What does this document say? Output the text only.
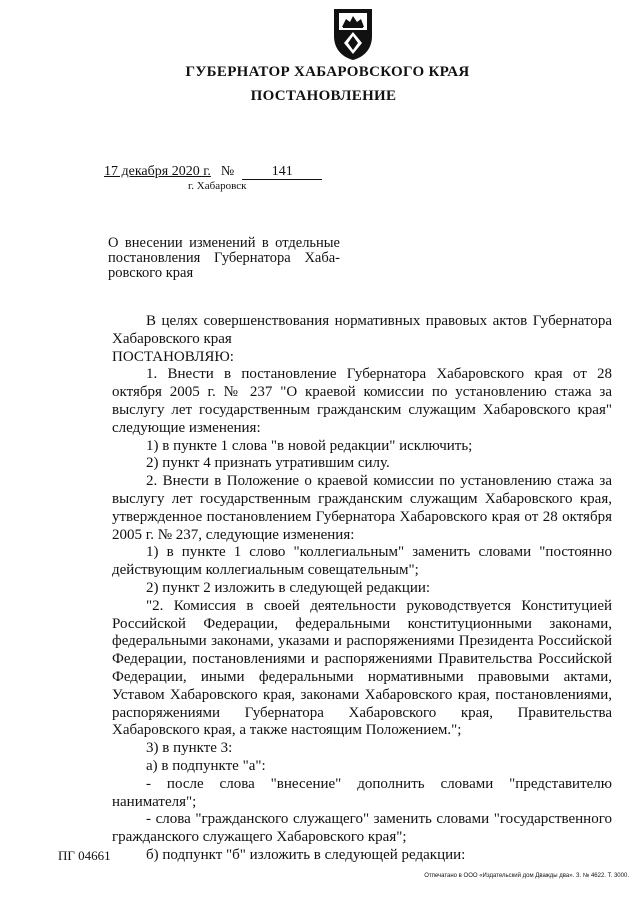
ГУБЕРНАТОР ХАБАРОВСКОГО КРАЯ
ПОСТАНОВЛЕНИЕ
17 декабря 2020 г. №	141
г. Хабаровск
О внесении изменений в отдельные
постановления Губернатора Хаба-
ровского края

В целях совершенствования нормативных правовых актов Губернатора Хабаровского края

ПОСТАНОВЛЯЮ:

1. Внести в постановление Губернатора Хабаровского края от 28 октября 2005 г. № 237 "О краевой комиссии по установлению стажа за выслугу лет государственным гражданским служащим Хабаровского края" следующие изменения:

1) в пункте 1 слова "в новой редакции" исключить;

2) пункт 4 признать утратившим силу.

2. Внести в Положение о краевой комиссии по установлению стажа за выслугу лет государственным гражданским служащим Хабаровского края, утвержденное постановлением Губернатора Хабаровского края от 28 октября 2005 г. № 237, следующие изменения:

1) в пункте 1 слово "коллегиальным" заменить словами "постоянно действующим коллегиальным совещательным";

2) пункт 2 изложить в следующей редакции:

"2. Комиссия в своей деятельности руководствуется Конституцией Российской Федерации, федеральными конституционными законами, федеральными законами, указами и распоряжениями Президента Российской Федерации, постановлениями и распоряжениями Правительства Российской Федерации, иными федеральными нормативными правовыми актами, Уставом Хабаровского края, законами Хабаровского края, постановлениями, распоряжениями Губернатора Хабаровского края, Правительства Хабаровского края, а также настоящим Положением.";

3) в пункте 3:

а) в подпункте "а":

- после слова "внесение" дополнить словами "представителю нанимателя";

- слова "гражданского служащего" заменить словами "государственного гражданского служащего Хабаровского края";

б) подпункт "б" изложить в следующей редакции:

ПГ 04661
Отпечатано в ООО «Издательский дом Дважды два». З. № 4622. Т. 3000.
